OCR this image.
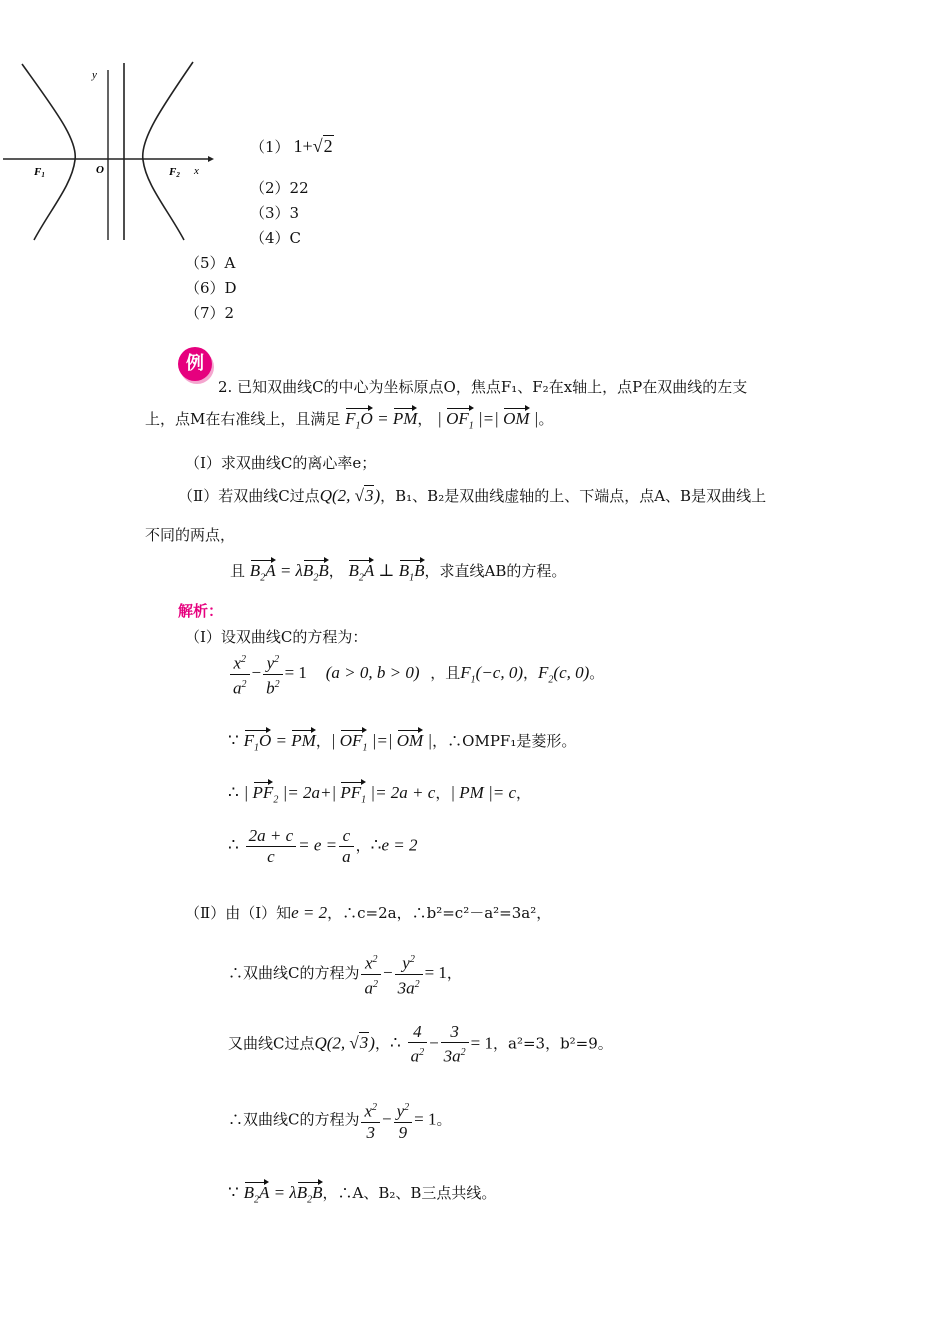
y
x
O
F1	F2
（1） 1+√2
（2）22
（3）3
（4）C
（5）A
（6）D
（7）2
例
2. 已知双曲线C的中心为坐标原点O，焦点F₁、F₂在x轴上，点P在双曲线的左支
上，点M在右准线上，且满足 $F_1O$ = PM， | $OF_1$ |=| OM |。
（Ⅰ）求双曲线C的离心率e；
（Ⅱ）若双曲线C过点Q(2, √3)，B₁、B₂是双曲线虚轴的上、下端点，点A、B是双曲线上
不同的两点，
且 $B_2A = \lambda B_2B$， $B_2A$ ⊥ $B_1B$，求直线AB的方程。
解析：
（Ⅰ）设双曲线C的方程为：
$\frac{x^2}{a^2} - \frac{y^2}{b^2} = 1$ (a > 0, b > 0) ，且$F_1(-c$, 0)，$F_2(c$, 0)。
∵ $F_1O$ = PM，| $OF_1$ |=| OM |，∴OMPF₁是菱形。
∴ | $PF_2$ |= 2a+| $PF_1$ |= 2a + c，| PM |= c，
∴ $\frac{2a + c}{c} = e = \frac{c}{a}$ ，∴e = 2
（Ⅱ）由（Ⅰ）知e = 2，∴c=2a，∴b²=c²－a²=3a²，
∴双曲线C的方程为 $\frac{x^2}{a^2} - \frac{y^2}{3a^2} = 1$，
又曲线C过点Q(2, √3)，∴ $\frac{4}{a^2} - \frac{3}{3a^2} = 1$，a²=3，b²=9。
∴双曲线C的方程为 $\frac{x^2}{3} - \frac{y^2}{9} = 1$。
∵ $B_2A = \lambda B_2B$，∴A、B₂、B三点共线。
